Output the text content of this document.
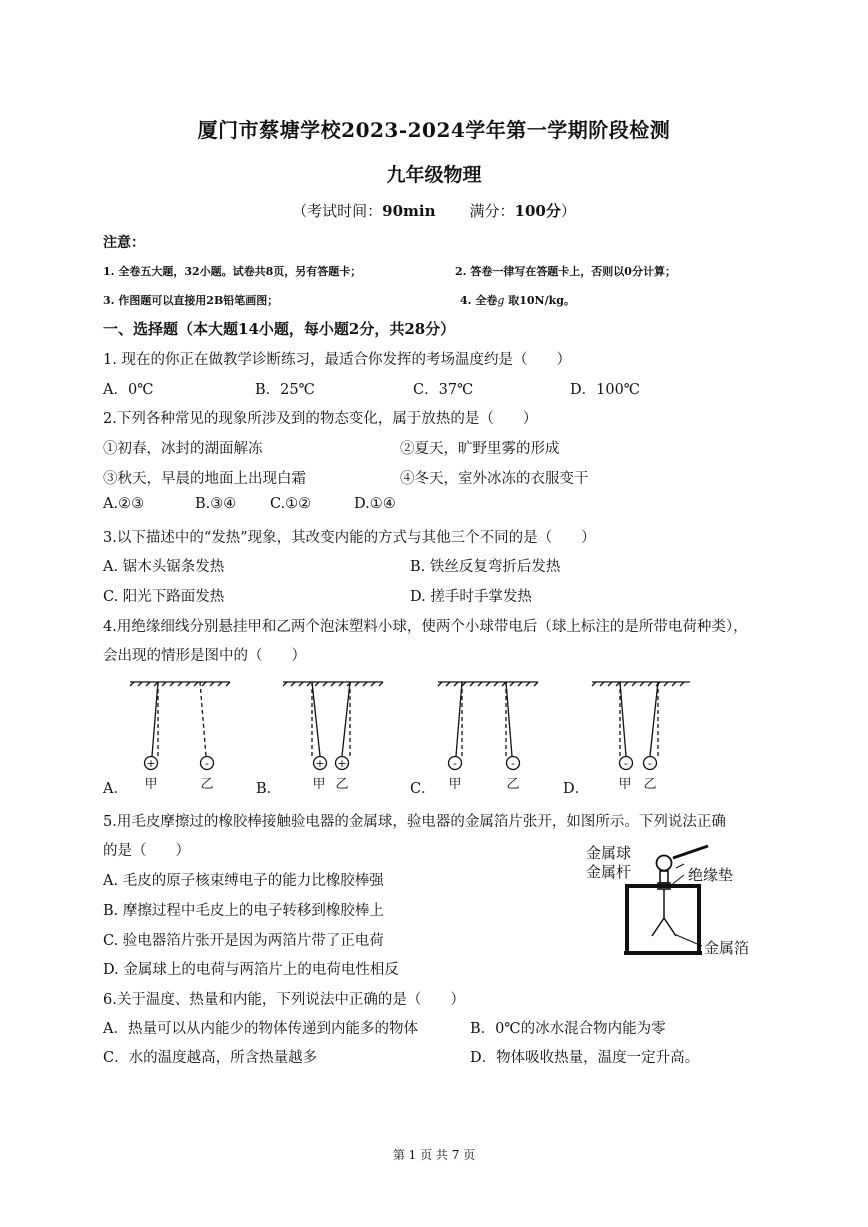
厦门市蔡塘学校2023-2024学年第一学期阶段检测
九年级物理
（考试时间：90min 满分：100分）
注意：
1. 全卷五大题，32小题。试卷共8页，另有答题卡；	2. 答卷一律写在答题卡上，否则以0分计算；
3. 作图题可以直接用2B铅笔画图；	4. 全卷g 取10N/kg。
一、选择题（本大题14小题，每小题2分，共28分）
1. 现在的你正在做教学诊断练习，最适合你发挥的考场温度约是（　　）
A．0℃	B．25℃	C．37℃	D．100℃
2.下列各种常见的现象所涉及到的物态变化，属于放热的是（　　）
①初春，冰封的湖面解冻	②夏天，旷野里雾的形成
③秋天，早晨的地面上出现白霜	④冬天，室外冰冻的衣服变干
A.②③	B.③④ C.①②	D.①④
3.以下描述中的“发热”现象，其改变内能的方式与其他三个不同的是（　　）
A. 锯木头锯条发热	B. 铁丝反复弯折后发热
C. 阳光下路面发热	D. 搓手时手掌发热
4.用绝缘细线分别悬挂甲和乙两个泡沫塑料小球，使两个小球带电后（球上标注的是所带电荷种类），
会出现的情形是图中的（　　）
+	-	+ +	-	-	- -
甲	乙	甲 乙	甲	乙	甲 乙
A．	B．	C．	D．
5.用毛皮摩擦过的橡胶棒接触验电器的金属球，验电器的金属箔片张开，如图所示。下列说法正确
的是（　　）
A. 毛皮的原子核束缚电子的能力比橡胶棒强
B. 摩擦过程中毛皮上的电子转移到橡胶棒上
C. 验电器箔片张开是因为两箔片带了正电荷
D. 金属球上的电荷与两箔片上的电荷电性相反
金属球
金属杆	绝缘垫
金属箔
6.关于温度、热量和内能，下列说法中正确的是（　　）
A．热量可以从内能少的物体传递到内能多的物体	B．0℃的冰水混合物内能为零
C．水的温度越高，所含热量越多	D．物体吸收热量，温度一定升高。
第 1 页 共 7 页
